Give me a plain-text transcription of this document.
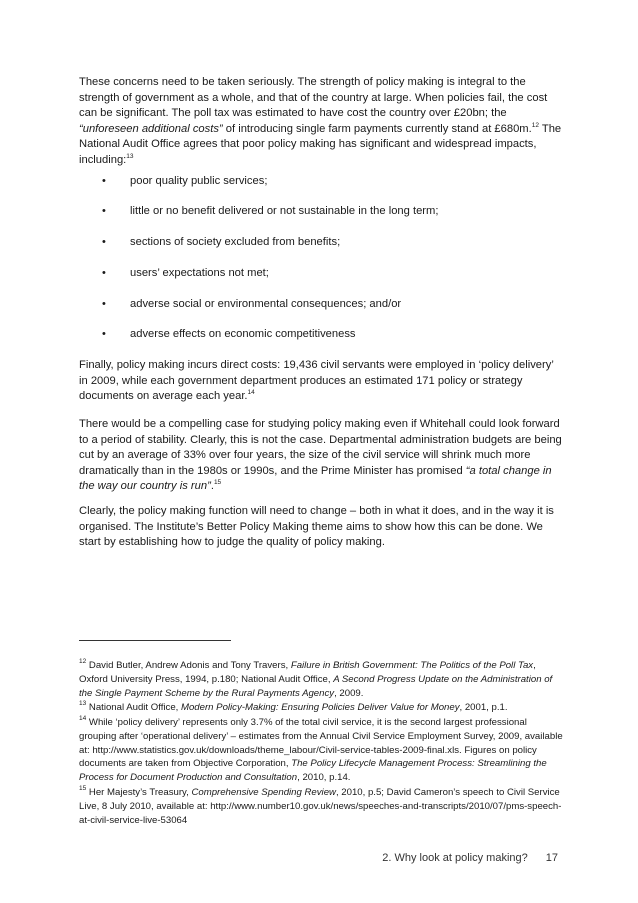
These concerns need to be taken seriously. The strength of policy making is integral to the strength of government as a whole, and that of the country at large. When policies fail, the cost can be significant. The poll tax was estimated to have cost the country over £20bn; the “unforeseen additional costs” of introducing single farm payments currently stand at £680m.$^{12}$ The National Audit Office agrees that poor policy making has significant and widespread impacts, including:$^{13}$

• poor quality public services;
• little or no benefit delivered or not sustainable in the long term;
• sections of society excluded from benefits;
• users’ expectations not met;
• adverse social or environmental consequences; and/or
• adverse effects on economic competitiveness

Finally, policy making incurs direct costs: 19,436 civil servants were employed in ‘policy delivery’ in 2009, while each government department produces an estimated 171 policy or strategy documents on average each year.$^{14}$

There would be a compelling case for studying policy making even if Whitehall could look forward to a period of stability. Clearly, this is not the case. Departmental administration budgets are being cut by an average of 33% over four years, the size of the civil service will shrink much more dramatically than in the 1980s or 1990s, and the Prime Minister has promised “a total change in the way our country is run”.$^{15}$

Clearly, the policy making function will need to change – both in what it does, and in the way it is organised. The Institute’s Better Policy Making theme aims to show how this can be done. We start by establishing how to judge the quality of policy making.

$^{12}$ David Butler, Andrew Adonis and Tony Travers, Failure in British Government: The Politics of the Poll Tax, Oxford University Press, 1994, p.180; National Audit Office, A Second Progress Update on the Administration of the Single Payment Scheme by the Rural Payments Agency, 2009.

$^{13}$ National Audit Office, Modern Policy-Making: Ensuring Policies Deliver Value for Money, 2001, p.1.

$^{14}$ While ‘policy delivery’ represents only 3.7% of the total civil service, it is the second largest professional grouping after ‘operational delivery’ – estimates from the Annual Civil Service Employment Survey, 2009, available at: http://www.statistics.gov.uk/downloads/theme_labour/Civil-service-tables-2009-final.xls. Figures on policy documents are taken from Objective Corporation, The Policy Lifecycle Management Process: Streamlining the Process for Document Production and Consultation, 2010, p.14.

$^{15}$ Her Majesty’s Treasury, Comprehensive Spending Review, 2010, p.5; David Cameron’s speech to Civil Service Live, 8 July 2010, available at: http://www.number10.gov.uk/news/speeches-and-transcripts/2010/07/pms-speech-at-civil-service-live-53064

2. Why look at policy making? 17
